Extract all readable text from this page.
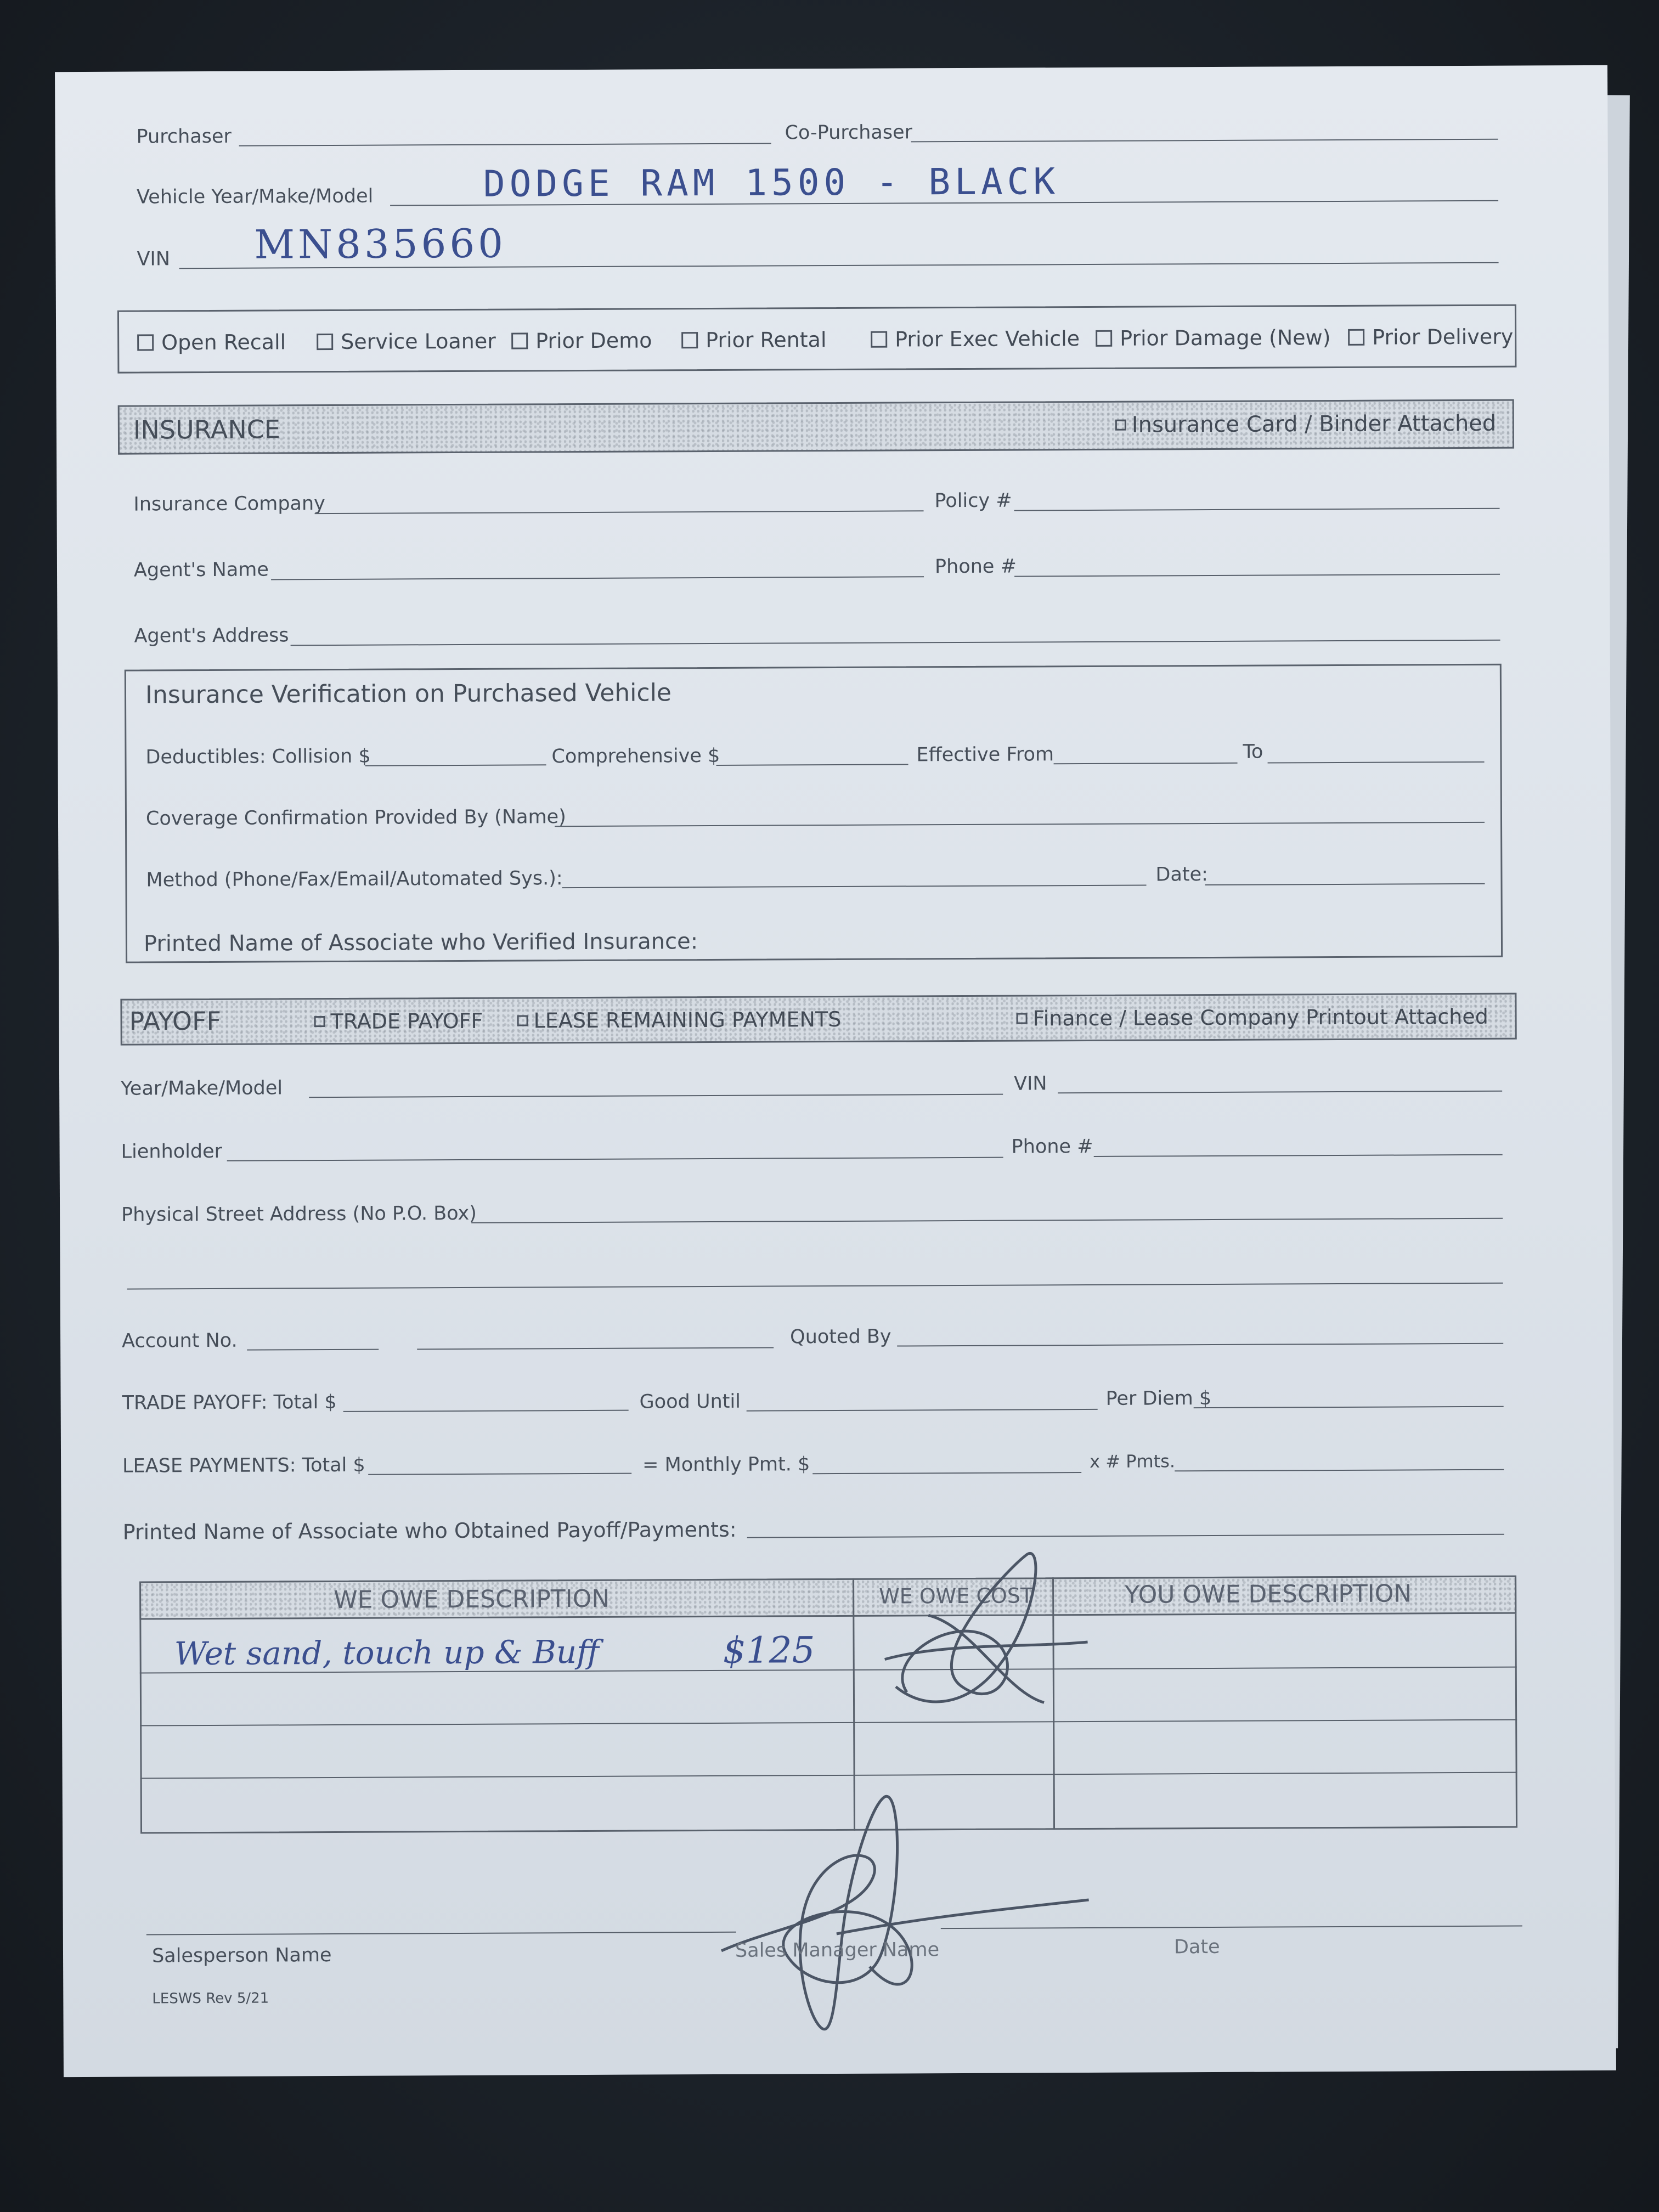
Purchaser	Co-Purchaser
Vehicle Year/Make/Model	DODGE RAM 1500 - BLACK
VIN MN835660
INSURANCE	Insurance Card / Binder Attached
Insurance Company	Policy #
Agent's Name	Phone #
Agent's Address
Insurance Verification on Purchased Vehicle
Deductibles: Collision $	Comprehensive $	Effective From	To
Coverage Confirmation Provided By (Name)
Method (Phone/Fax/Email/Automated Sys.):	Date:
Printed Name of Associate who Verified Insurance:
PAYOFF	TRADE PAYOFF LEASE REMAINING PAYMENTS	Finance / Lease Company Printout Attached
Year/Make/Model	VIN
Lienholder	Phone #
Physical Street Address (No P.O. Box)
Account No.	Quoted By
TRADE PAYOFF: Total $	Good Until	Per Diem $
LEASE PAYMENTS: Total $	= Monthly Pmt. $	x # Pmts.
Printed Name of Associate who Obtained Payoff/Payments:
WE OWE DESCRIPTION	WE OWE COST	YOU OWE DESCRIPTION
Wet sand, touch up & Buff	$125
Salesperson Name	Sales Manager Name	Date
LESWS Rev 5/21
Open Recall	Service Loaner Prior Demo	Prior Rental	Prior Exec Vehicle Prior Damage (New) Prior Delivery
